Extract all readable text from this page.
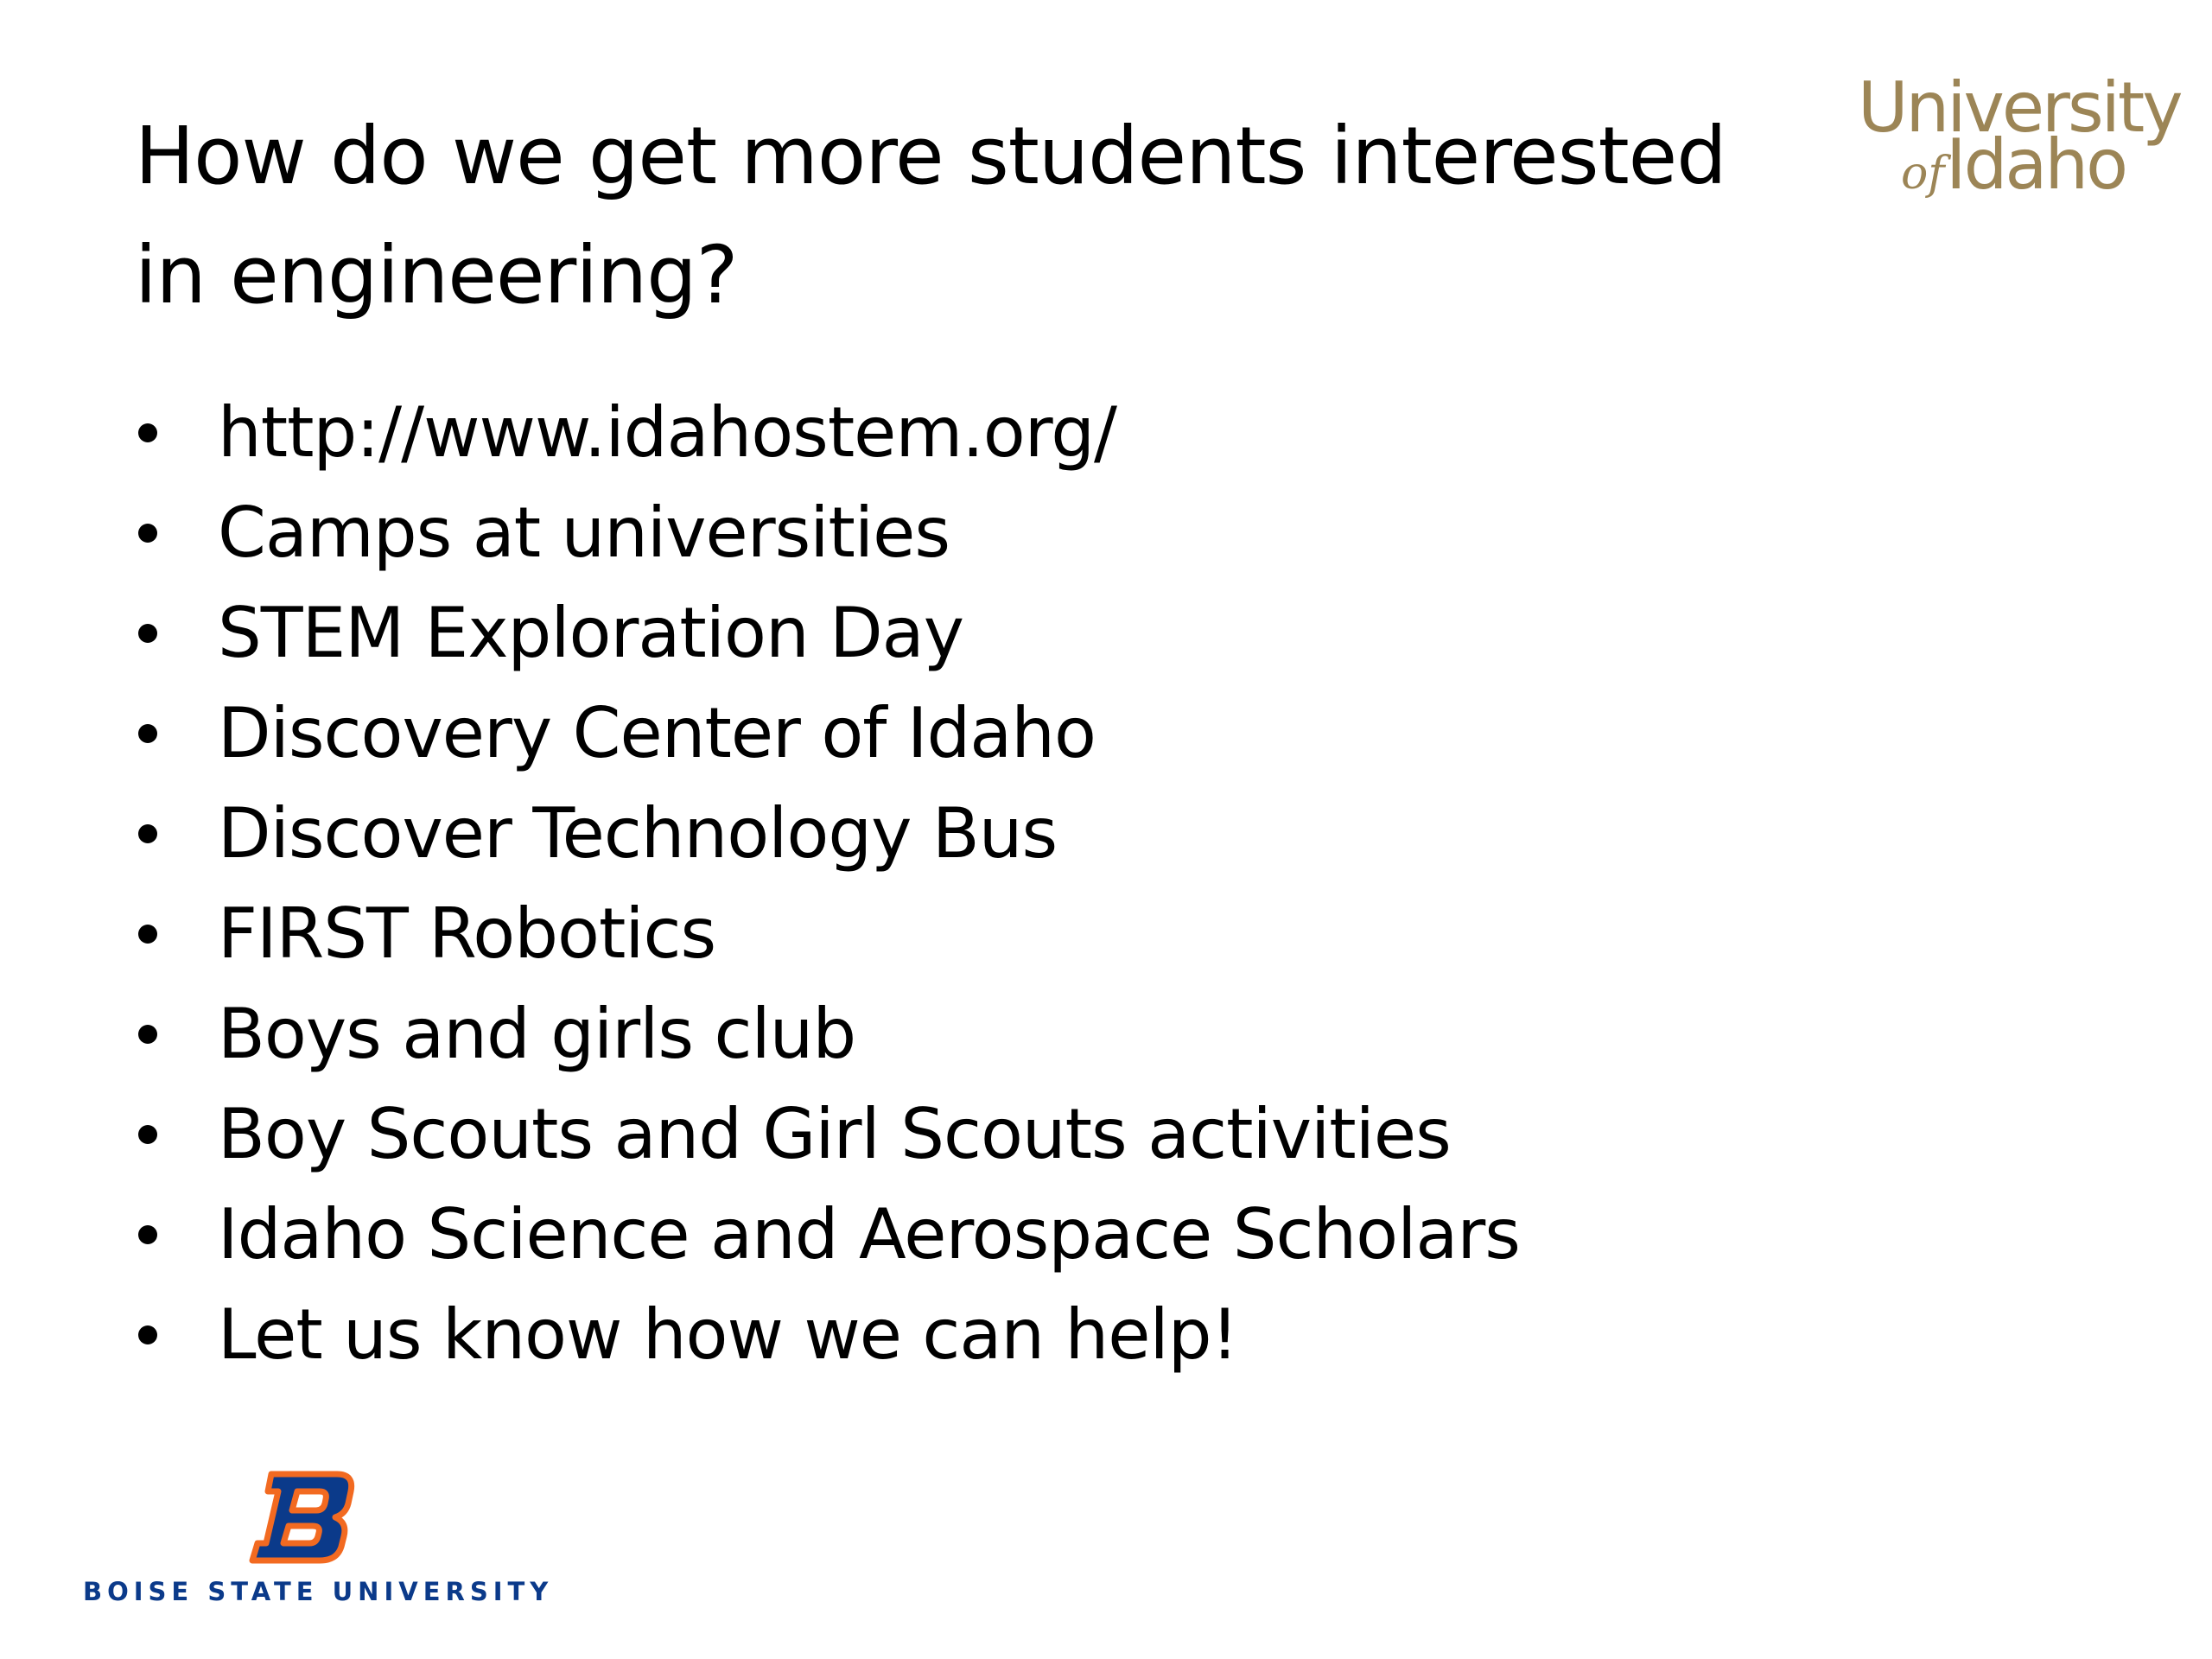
How do we get more students interested
in engineering?
University
of Idaho
http://www.idahostem.org/
Camps at universities
STEM Exploration Day
Discovery Center of Idaho
Discover Technology Bus
FIRST Robotics
Boys and girls club
Boy Scouts and Girl Scouts activities
Idaho Science and Aerospace Scholars
Let us know how we can help!
BOISE STATE UNIVERSITY
